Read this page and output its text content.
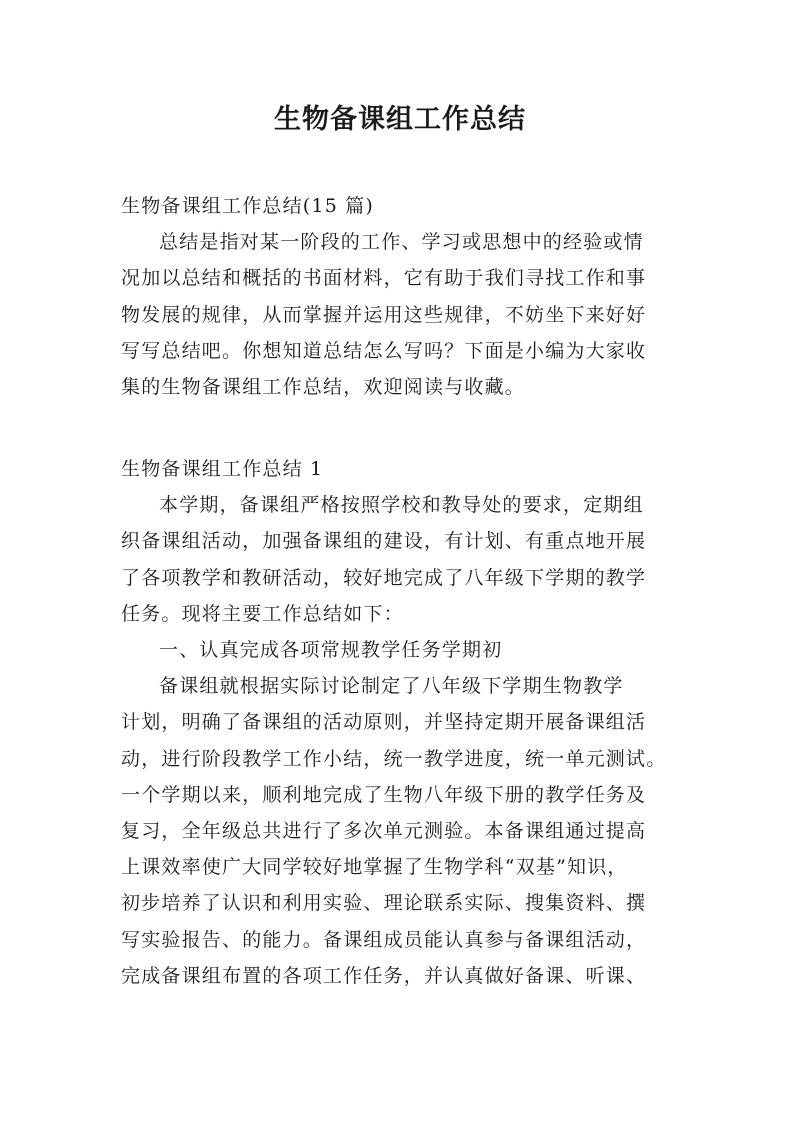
生物备课组工作总结
生物备课组工作总结(15 篇)

总结是指对某一阶段的工作、学习或思想中的经验或情
况加以总结和概括的书面材料，它有助于我们寻找工作和事
物发展的规律，从而掌握并运用这些规律，不妨坐下来好好
写写总结吧。你想知道总结怎么写吗？下面是小编为大家收
集的生物备课组工作总结，欢迎阅读与收藏。

生物备课组工作总结 1

本学期，备课组严格按照学校和教导处的要求，定期组
织备课组活动，加强备课组的建设，有计划、有重点地开展
了各项教学和教研活动，较好地完成了八年级下学期的教学
任务。现将主要工作总结如下：

一、认真完成各项常规教学任务学期初

备课组就根据实际讨论制定了八年级下学期生物教学
计划，明确了备课组的活动原则，并坚持定期开展备课组活
动，进行阶段教学工作小结，统一教学进度，统一单元测试。
一个学期以来，顺利地完成了生物八年级下册的教学任务及
复习，全年级总共进行了多次单元测验。本备课组通过提高
上课效率使广大同学较好地掌握了生物学科“双基”知识，
初步培养了认识和利用实验、理论联系实际、搜集资料、撰
写实验报告、的能力。备课组成员能认真参与备课组活动，
完成备课组布置的各项工作任务，并认真做好备课、听课、
